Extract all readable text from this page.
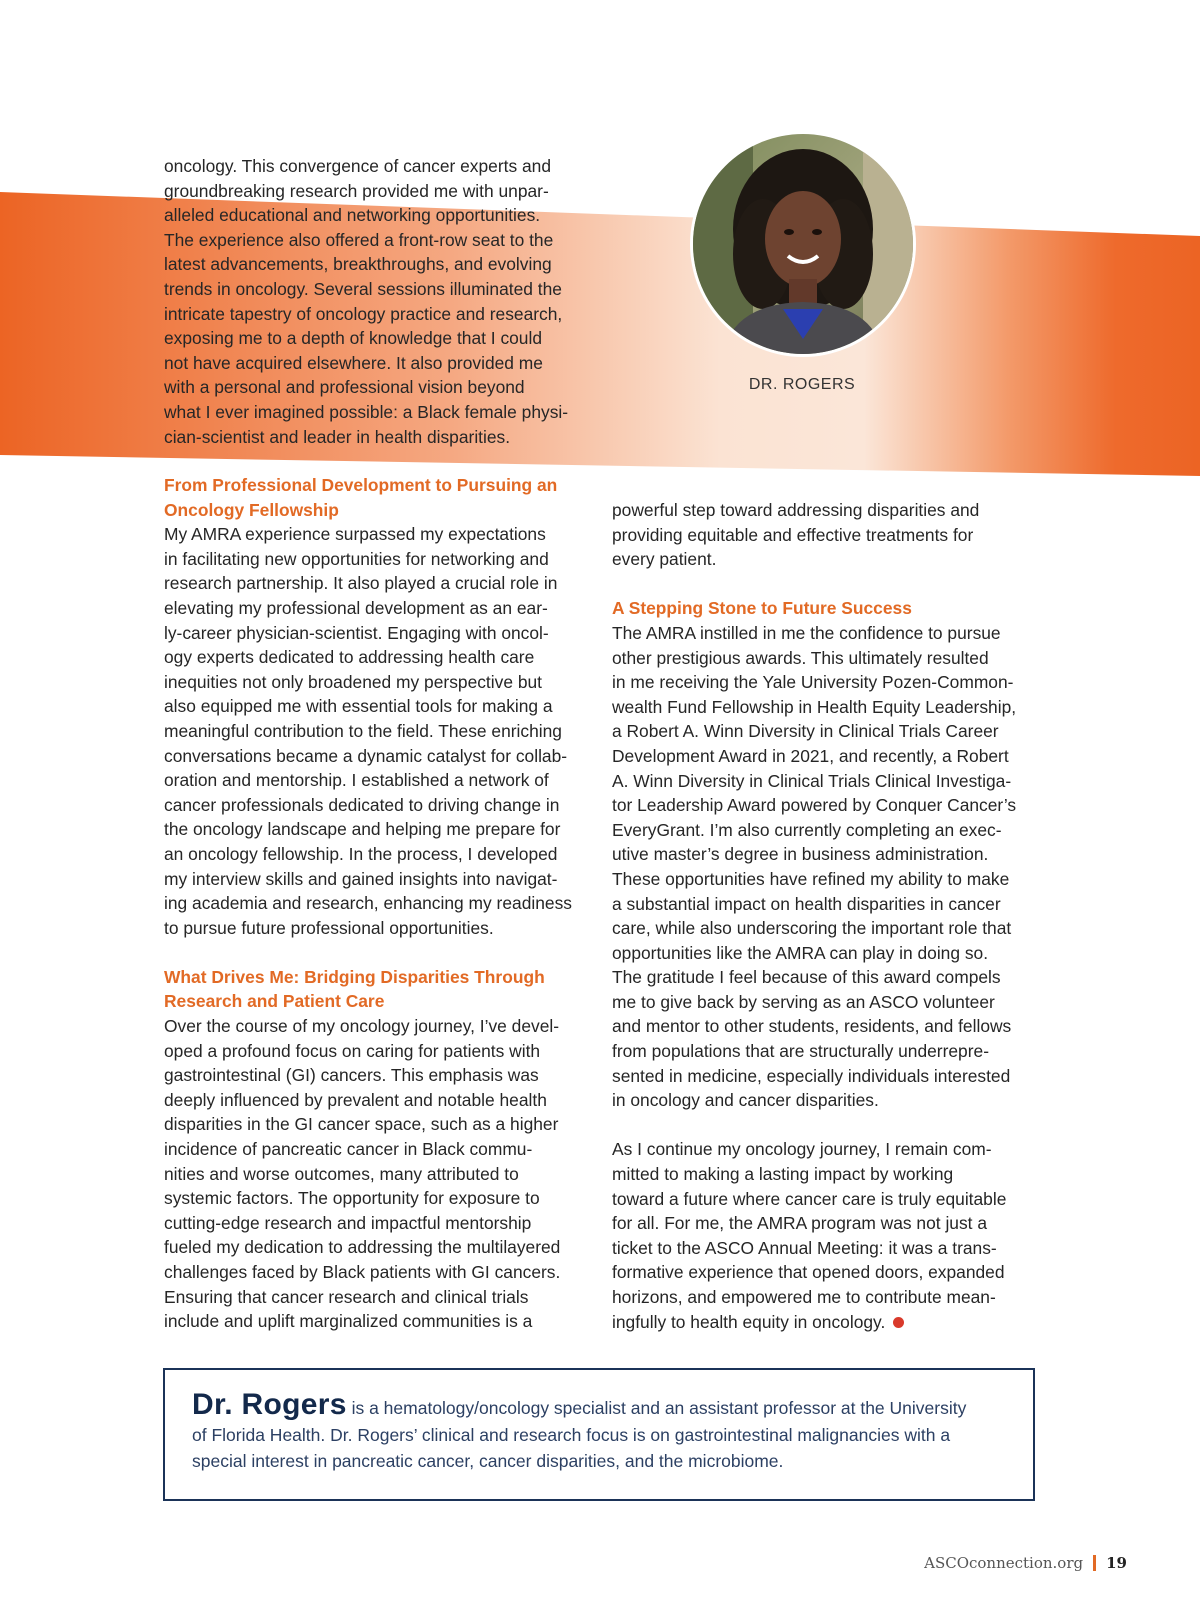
oncology. This convergence of cancer experts and

groundbreaking research provided me with unpar-

alleled educational and networking opportunities.

The experience also offered a front-row seat to the

latest advancements, breakthroughs, and evolving

trends in oncology. Several sessions illuminated the

intricate tapestry of oncology practice and research,

exposing me to a depth of knowledge that I could

not have acquired elsewhere. It also provided me

with a personal and professional vision beyond

what I ever imagined possible: a Black female physi-

cian-scientist and leader in health disparities.

DR. ROGERS

From Professional Development to Pursuing an

Oncology Fellowship

My AMRA experience surpassed my expectations

in facilitating new opportunities for networking and

research partnership. It also played a crucial role in

elevating my professional development as an ear-

ly-career physician-scientist. Engaging with oncol-

ogy experts dedicated to addressing health care

inequities not only broadened my perspective but

also equipped me with essential tools for making a

meaningful contribution to the field. These enriching

conversations became a dynamic catalyst for collab-

oration and mentorship. I established a network of

cancer professionals dedicated to driving change in

the oncology landscape and helping me prepare for

an oncology fellowship. In the process, I developed

my interview skills and gained insights into navigat-

ing academia and research, enhancing my readiness

to pursue future professional opportunities.

What Drives Me: Bridging Disparities Through

Research and Patient Care

Over the course of my oncology journey, I’ve devel-

oped a profound focus on caring for patients with

gastrointestinal (GI) cancers. This emphasis was

deeply influenced by prevalent and notable health

disparities in the GI cancer space, such as a higher

incidence of pancreatic cancer in Black commu-

nities and worse outcomes, many attributed to

systemic factors. The opportunity for exposure to

cutting-edge research and impactful mentorship

fueled my dedication to addressing the multilayered

challenges faced by Black patients with GI cancers.

Ensuring that cancer research and clinical trials

include and uplift marginalized communities is a

powerful step toward addressing disparities and

providing equitable and effective treatments for

every patient.

A Stepping Stone to Future Success

The AMRA instilled in me the confidence to pursue

other prestigious awards. This ultimately resulted

in me receiving the Yale University Pozen-Common-

wealth Fund Fellowship in Health Equity Leadership,

a Robert A. Winn Diversity in Clinical Trials Career

Development Award in 2021, and recently, a Robert

A. Winn Diversity in Clinical Trials Clinical Investiga-

tor Leadership Award powered by Conquer Cancer’s

EveryGrant. I’m also currently completing an exec-

utive master’s degree in business administration.

These opportunities have refined my ability to make

a substantial impact on health disparities in cancer

care, while also underscoring the important role that

opportunities like the AMRA can play in doing so.

The gratitude I feel because of this award compels

me to give back by serving as an ASCO volunteer

and mentor to other students, residents, and fellows

from populations that are structurally underrepre-

sented in medicine, especially individuals interested

in oncology and cancer disparities.

As I continue my oncology journey, I remain com-

mitted to making a lasting impact by working

toward a future where cancer care is truly equitable

for all. For me, the AMRA program was not just a

ticket to the ASCO Annual Meeting: it was a trans-

formative experience that opened doors, expanded

horizons, and empowered me to contribute mean-

ingfully to health equity in oncology.

Dr. Rogers is a hematology/oncology specialist and an assistant professor at the University
of Florida Health. Dr. Rogers’ clinical and research focus is on gastrointestinal malignancies with a
special interest in pancreatic cancer, cancer disparities, and the microbiome.
ASCOconnection.org 19
